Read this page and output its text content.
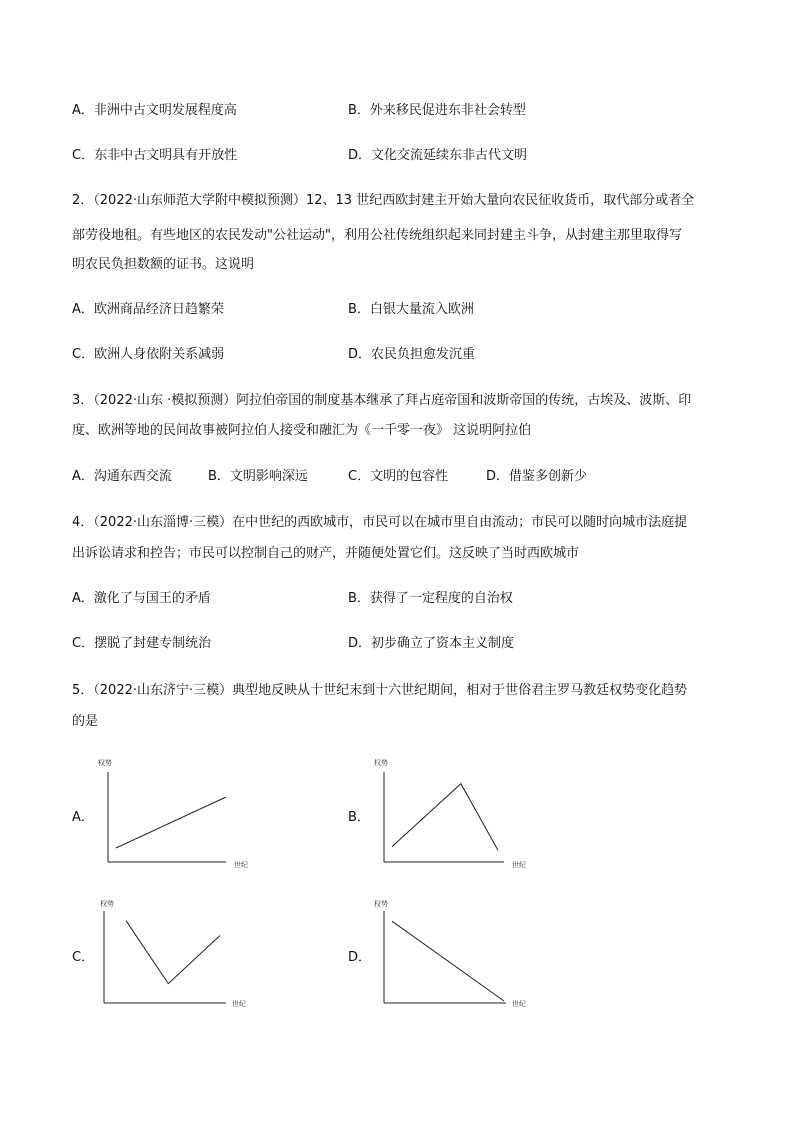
A．非洲中古文明发展程度高	B．外来移民促进东非社会转型
C．东非中古文明具有开放性	D．文化交流延续东非古代文明
2．（2022·山东师范大学附中模拟预测）12、13 世纪西欧封建主开始大量向农民征收货币，取代部分或者全
部劳役地租。有些地区的农民发动"公社运动"，利用公社传统组织起来同封建主斗争，从封建主那里取得写
明农民负担数额的证书。这说明
A．欧洲商品经济日趋繁荣	B．白银大量流入欧洲
C．欧洲人身依附关系减弱	D．农民负担愈发沉重
3．（2022·山东 ·模拟预测）阿拉伯帝国的制度基本继承了拜占庭帝国和波斯帝国的传统，古埃及、波斯、印
度、欧洲等地的民间故事被阿拉伯人接受和融汇为《一千零一夜》 这说明阿拉伯
A．沟通东西交流	B．文明影响深远	C．文明的包容性	D．借鉴多创新少
4．（2022·山东淄博·三模）在中世纪的西欧城市，市民可以在城市里自由流动；市民可以随时向城市法庭提
出诉讼请求和控告；市民可以控制自己的财产，并随便处置它们。这反映了当时西欧城市
A．激化了与国王的矛盾	B．获得了一定程度的自治权
C．摆脱了封建专制统治	D．初步确立了资本主义制度
5．（2022·山东济宁·三模）典型地反映从十世纪末到十六世纪期间，相对于世俗君主罗马教廷权势变化趋势
的是
A．
权势
世纪
B．
权势
世纪
C．
权势
世纪
D．
权势
世纪
